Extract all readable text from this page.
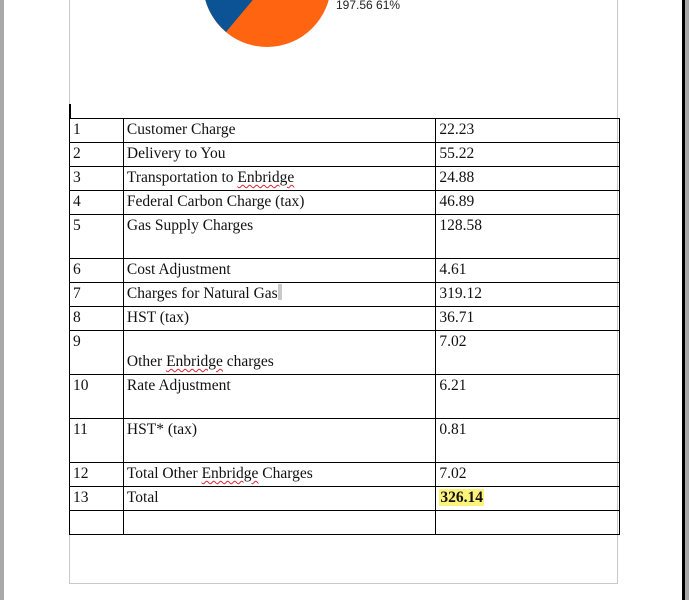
197.56 61%
1	Customer Charge	22.23
2	Delivery to You	55.22
3	Transportation to Enbridge	24.88
4	Federal Carbon Charge (tax)	46.89
5	Gas Supply Charges	128.58
6	Cost Adjustment	4.61
7	Charges for Natural Gas	319.12
8	HST (tax)	36.71
9	Other Enbridge charges	7.02
10	Rate Adjustment	6.21
11	HST* (tax)	0.81
12	Total Other Enbridge Charges	7.02
13	Total	326.14
